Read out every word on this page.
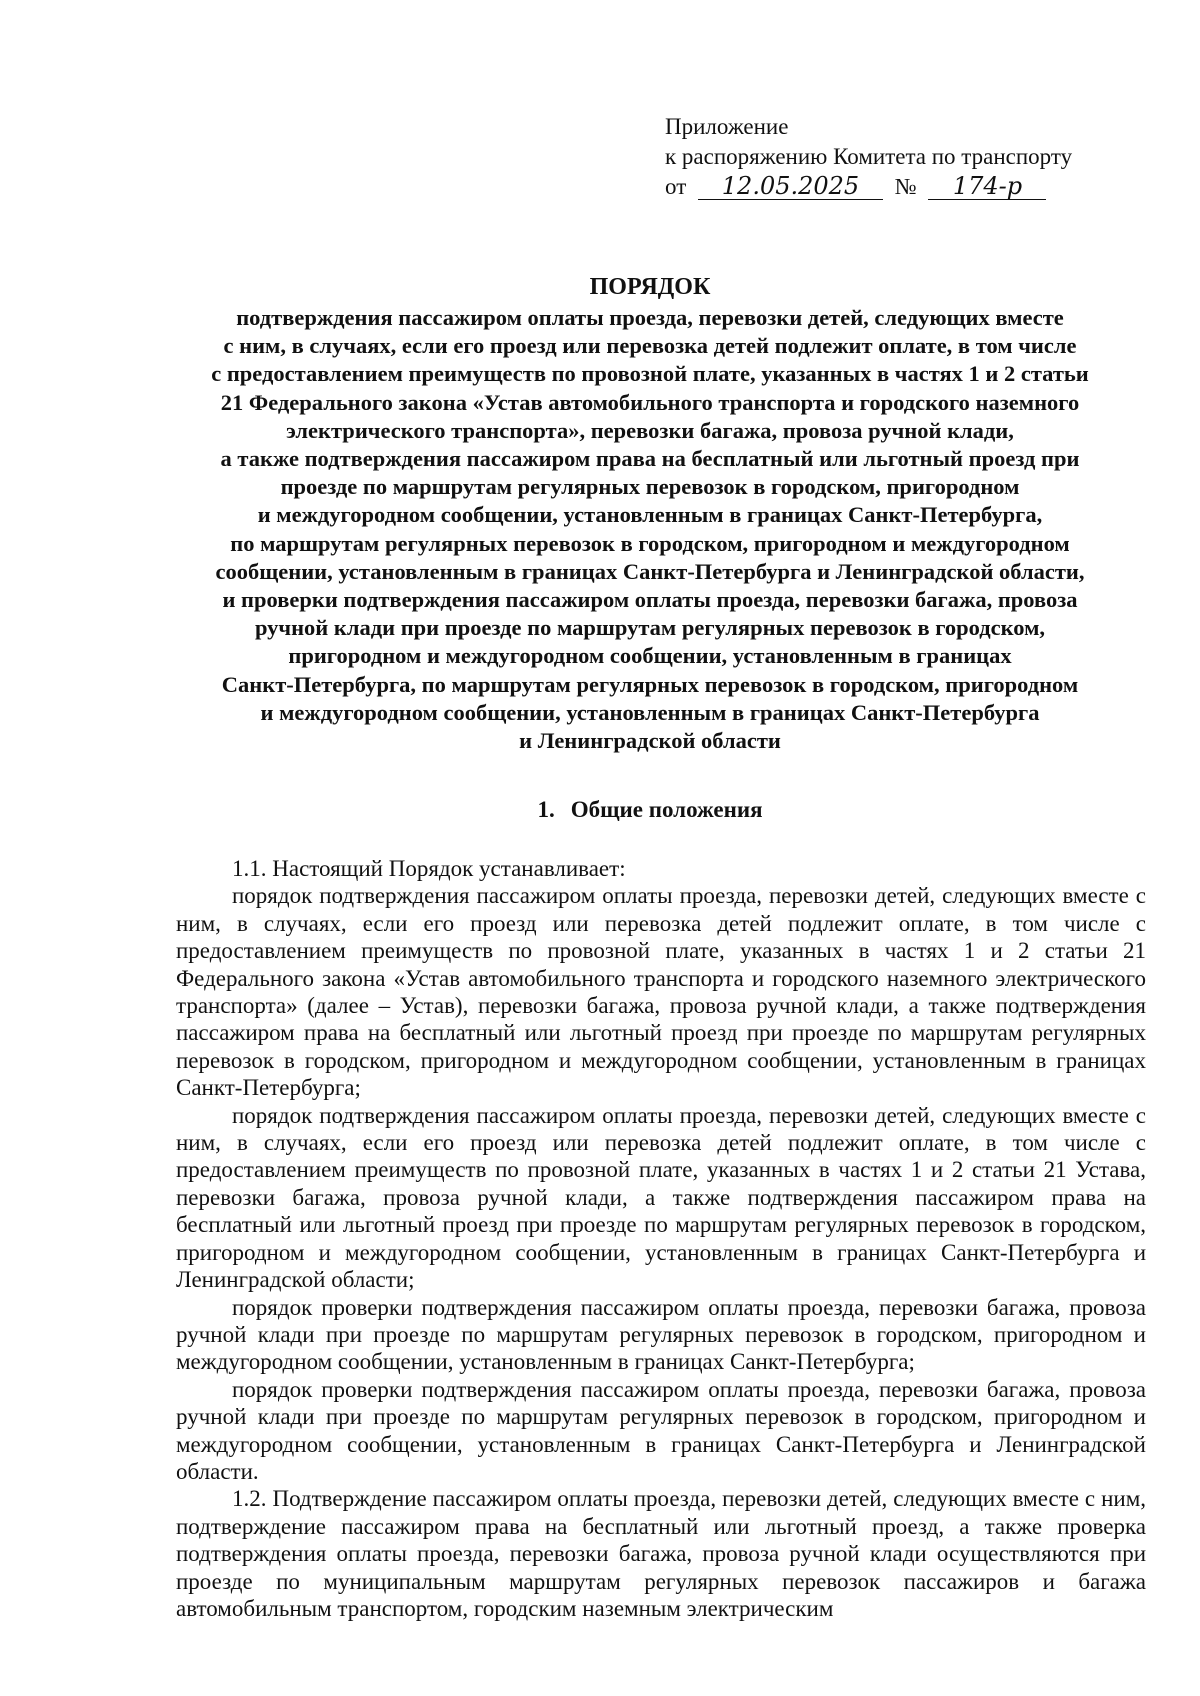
Приложение
к распоряжению Комитета по транспорту
от 12.05.2025 № 174-р
ПОРЯДОК
подтверждения пассажиром оплаты проезда, перевозки детей, следующих вместе
с ним, в случаях, если его проезд или перевозка детей подлежит оплате, в том числе
с предоставлением преимуществ по провозной плате, указанных в частях 1 и 2 статьи
21 Федерального закона «Устав автомобильного транспорта и городского наземного
электрического транспорта», перевозки багажа, провоза ручной клади,
а также подтверждения пассажиром права на бесплатный или льготный проезд при
проезде по маршрутам регулярных перевозок в городском, пригородном
и междугородном сообщении, установленным в границах Санкт-Петербурга,
по маршрутам регулярных перевозок в городском, пригородном и междугородном
сообщении, установленным в границах Санкт-Петербурга и Ленинградской области,
и проверки подтверждения пассажиром оплаты проезда, перевозки багажа, провоза
ручной клади при проезде по маршрутам регулярных перевозок в городском,
пригородном и междугородном сообщении, установленным в границах
Санкт-Петербурга, по маршрутам регулярных перевозок в городском, пригородном
и междугородном сообщении, установленным в границах Санкт-Петербурга
и Ленинградской области
1. Общие положения

1.1. Настоящий Порядок устанавливает:

порядок подтверждения пассажиром оплаты проезда, перевозки детей, следующих вместе с ним, в случаях, если его проезд или перевозка детей подлежит оплате, в том числе с предоставлением преимуществ по провозной плате, указанных в частях 1 и 2 статьи 21 Федерального закона «Устав автомобильного транспорта и городского наземного электрического транспорта» (далее – Устав), перевозки багажа, провоза ручной клади, а также подтверждения пассажиром права на бесплатный или льготный проезд при проезде по маршрутам регулярных перевозок в городском, пригородном и междугородном сообщении, установленным в границах Санкт-Петербурга;

порядок подтверждения пассажиром оплаты проезда, перевозки детей, следующих вместе с ним, в случаях, если его проезд или перевозка детей подлежит оплате, в том числе с предоставлением преимуществ по провозной плате, указанных в частях 1 и 2 статьи 21 Устава, перевозки багажа, провоза ручной клади, а также подтверждения пассажиром права на бесплатный или льготный проезд при проезде по маршрутам регулярных перевозок в городском, пригородном и междугородном сообщении, установленным в границах Санкт-Петербурга и Ленинградской области;

порядок проверки подтверждения пассажиром оплаты проезда, перевозки багажа, провоза ручной клади при проезде по маршрутам регулярных перевозок в городском, пригородном и междугородном сообщении, установленным в границах Санкт-Петербурга;

порядок проверки подтверждения пассажиром оплаты проезда, перевозки багажа, провоза ручной клади при проезде по маршрутам регулярных перевозок в городском, пригородном и междугородном сообщении, установленным в границах Санкт-Петербурга и Ленинградской области.

1.2. Подтверждение пассажиром оплаты проезда, перевозки детей, следующих вместе с ним, подтверждение пассажиром права на бесплатный или льготный проезд, а также проверка подтверждения оплаты проезда, перевозки багажа, провоза ручной клади осуществляются при проезде по муниципальным маршрутам регулярных перевозок пассажиров и багажа автомобильным транспортом, городским наземным электрическим
